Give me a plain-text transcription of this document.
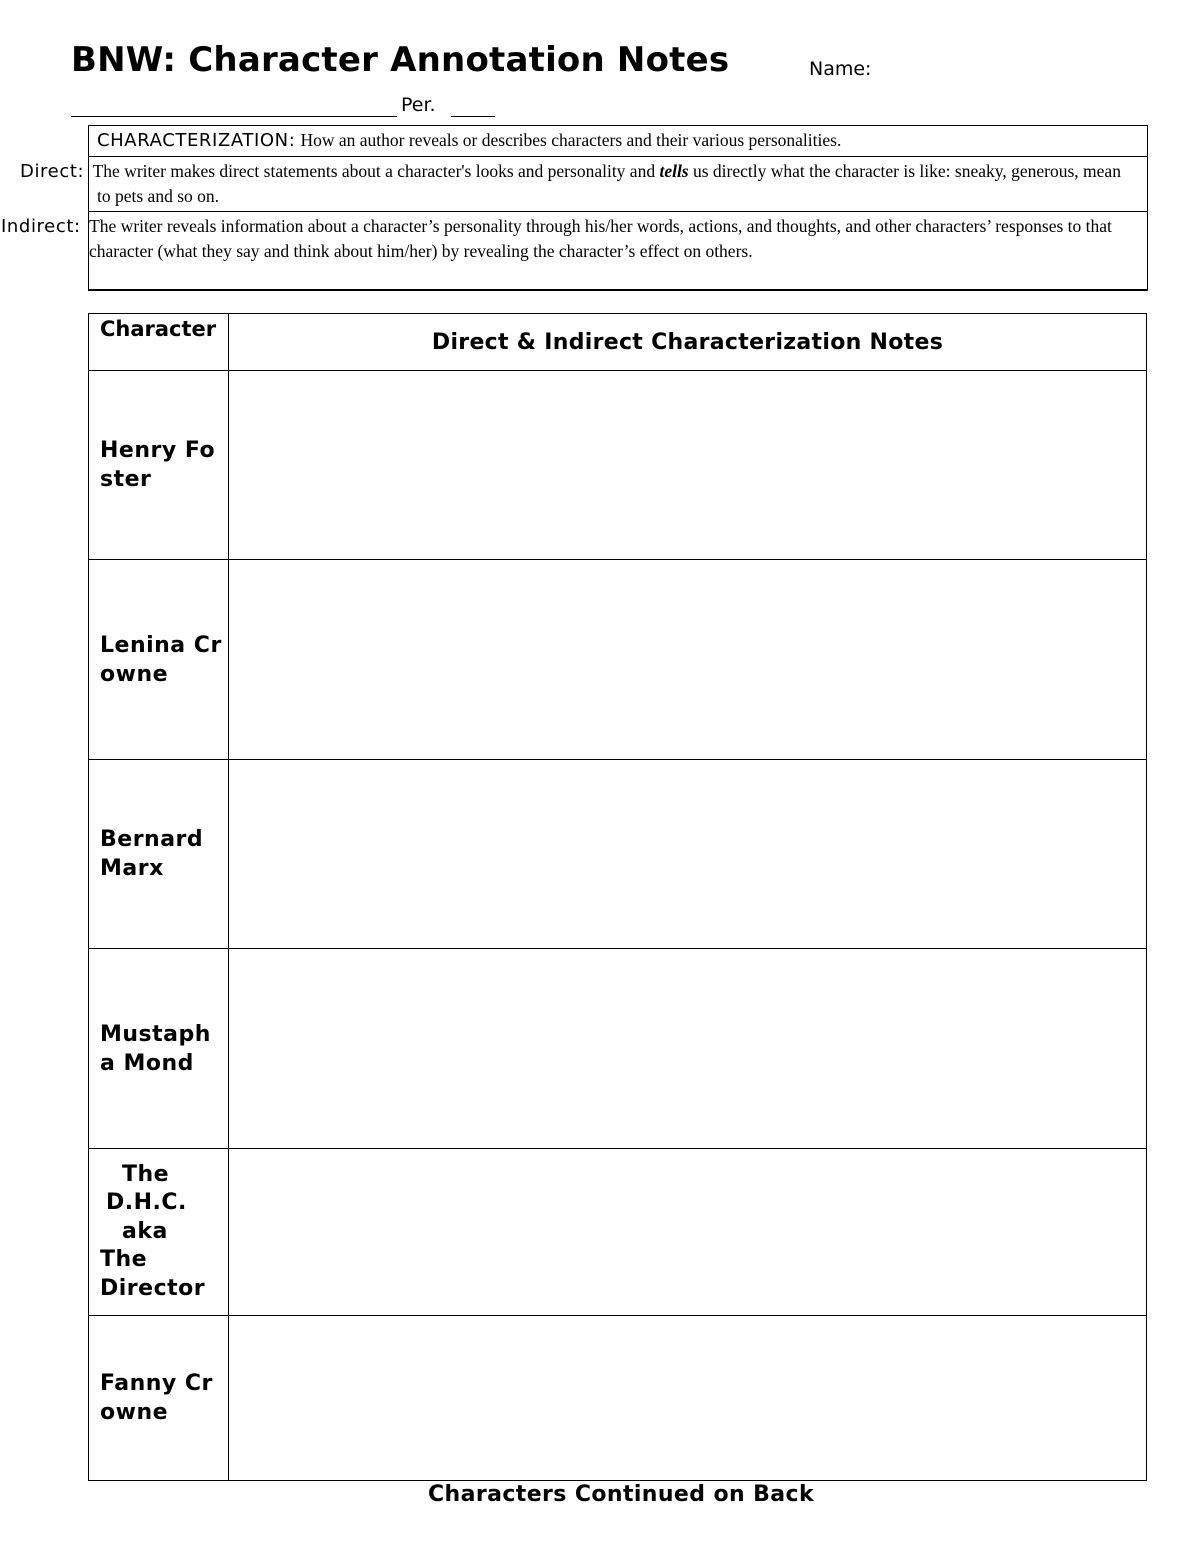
BNW: Character Annotation Notes	Name:
Per.
CHARACTERIZATION: How an author reveals or describes characters and their various personalities.
Direct: The writer makes direct statements about a character's looks and personality and tells us directly what the character is like: sneaky, generous, mean to pets and so on.
Indirect: The writer reveals information about a character’s personality through his/her words, actions, and thoughts, and other characters’ responses to that character (what they say and think about him/her) by revealing the character’s effect on others.
Character	Direct & Indirect Characterization Notes
Henry Foster	
Lenina Crowne	
Bernard Marx	
Mustapha Mond	

The
D.H.C.
aka
The
Director	

Fanny Crowne	
Characters Continued on Back
